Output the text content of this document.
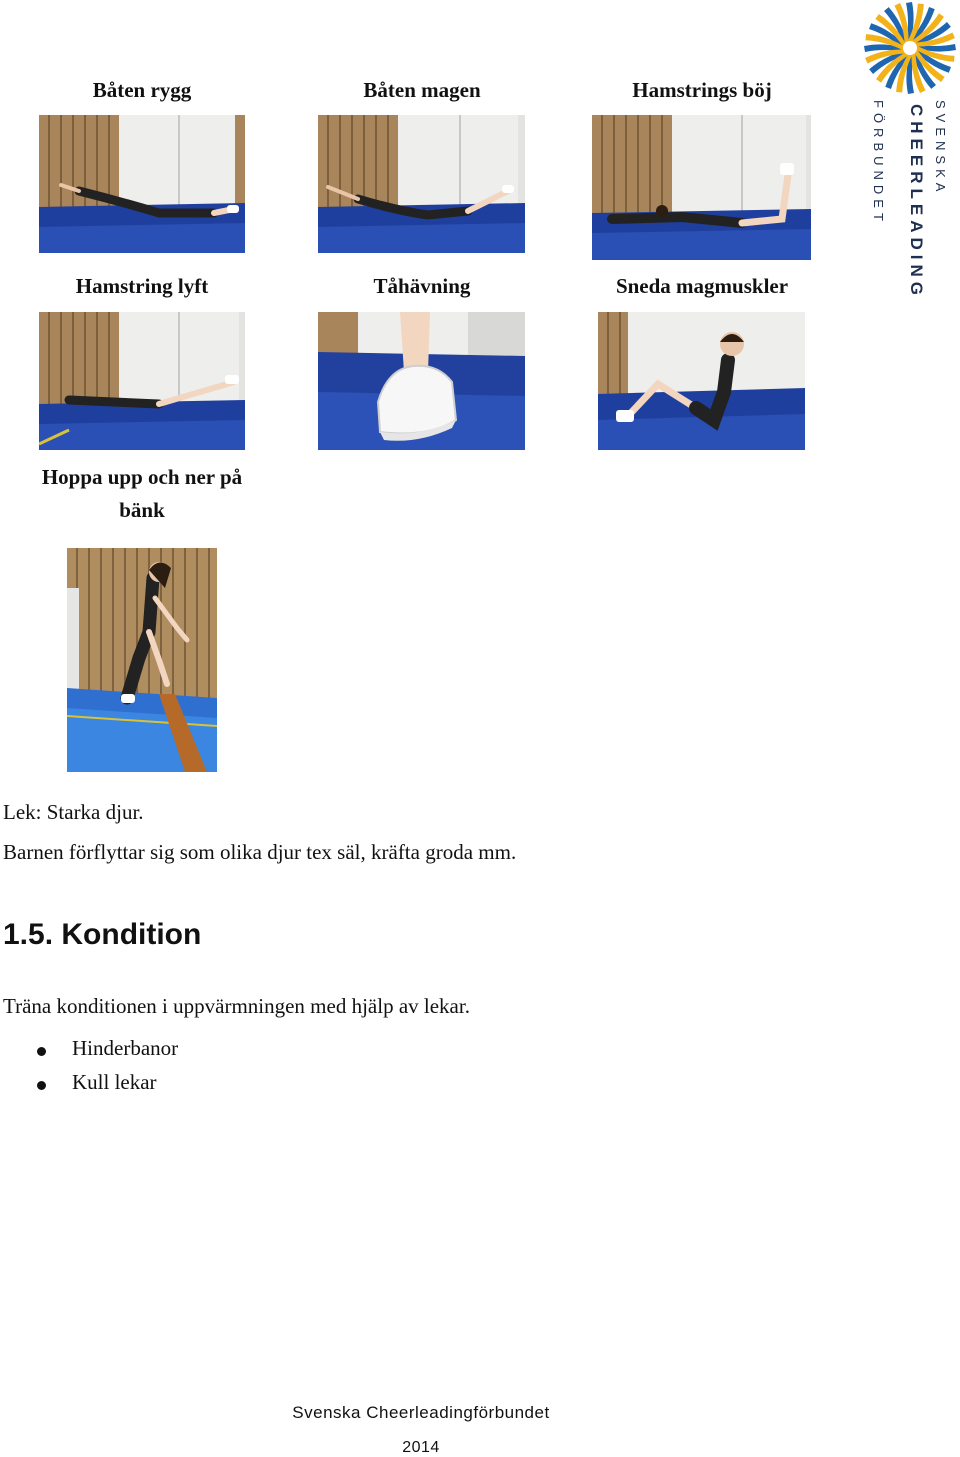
SVENSKA
CHEERLEADING
FÖRBUNDET
Båten rygg	Båten magen	Hamstrings böj
Hamstring lyft	Tåhävning	Sneda magmuskler
Hoppa upp och ner på
bänk
Lek: Starka djur.
Barnen förflyttar sig som olika djur tex säl, kräfta groda mm.
1.5. Kondition
Träna konditionen i uppvärmningen med hjälp av lekar.
Hinderbanor
Kull lekar
Svenska Cheerleadingförbundet
2014
